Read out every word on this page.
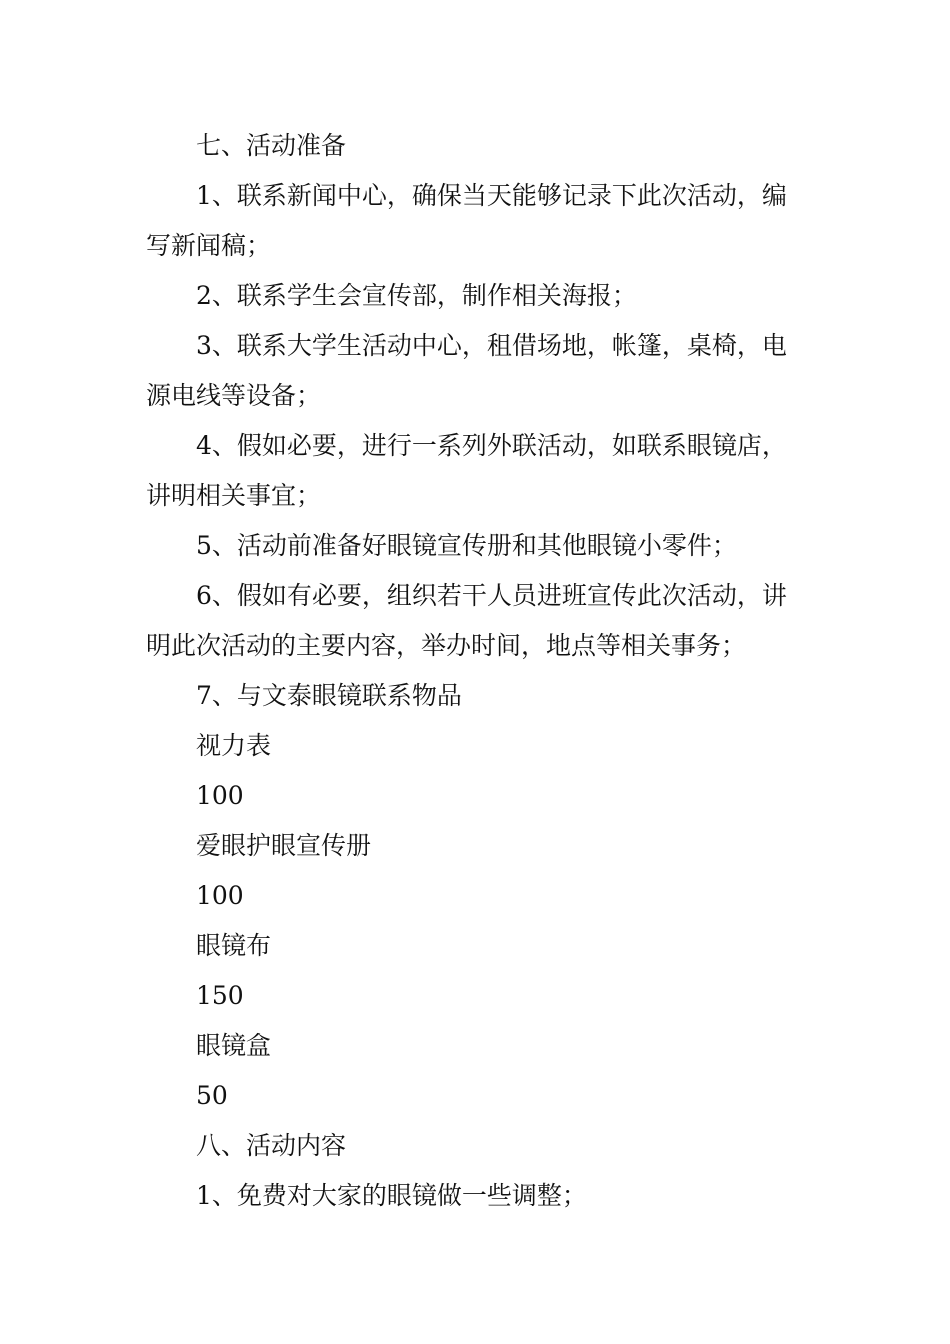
七、活动准备

1、联系新闻中心，确保当天能够记录下此次活动，编写新闻稿；

2、联系学生会宣传部，制作相关海报；

3、联系大学生活动中心，租借场地，帐篷，桌椅，电源电线等设备；

4、假如必要，进行一系列外联活动，如联系眼镜店，讲明相关事宜；

5、活动前准备好眼镜宣传册和其他眼镜小零件；

6、假如有必要，组织若干人员进班宣传此次活动，讲明此次活动的主要内容，举办时间，地点等相关事务；

7、与文泰眼镜联系物品

视力表

100

爱眼护眼宣传册

100

眼镜布

150

眼镜盒

50

八、活动内容

1、免费对大家的眼镜做一些调整；
